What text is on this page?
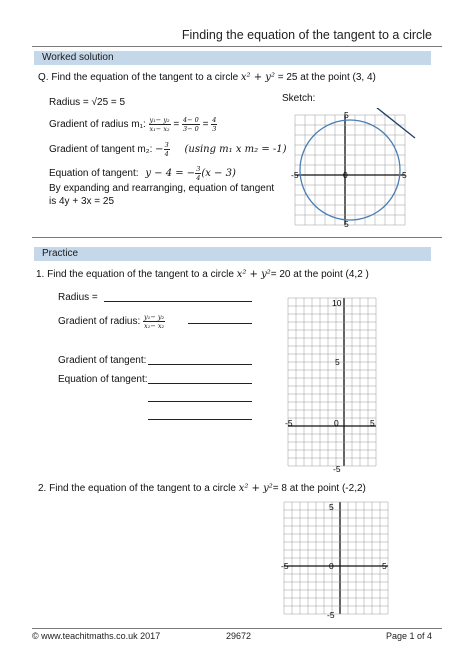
Finding the equation of the tangent to a circle
Worked solution
Q. Find the equation of the tangent to a circle x² + y² = 25 at the point (3, 4)
Sketch:
Radius = √25 = 5
Gradient of radius m₁: $\frac{\text{y₁− y₂}}{\text{x₁− x₂}} = \frac{4- 0}{3- 0} = \frac{4}{3}$
Gradient of tangent m₂: − $\frac{3}{4} (using$ m₁ x m₂ = -1)
Equation of tangent: y − 4 = − $\frac{3}{4} (x - 3)$
By expanding and rearranging, equation of tangent
is 4y + 3x = 25
5
5
-5	5
0
Practice
1. Find the equation of the tangent to a circle x² + y²= 20 at the point (4,2 )
Radius =
Gradient of radius: $\frac{\text{y₁− y₂}}{\text{x₁− x₂}}$
Gradient of tangent:
Equation of tangent:
10
5
-5
-5	5
0
2. Find the equation of the tangent to a circle x² + y²= 8 at the point (-2,2)
5
-5
-5	5
0
© www.teachitmaths.co.uk 2017	29672	Page 1 of 4
